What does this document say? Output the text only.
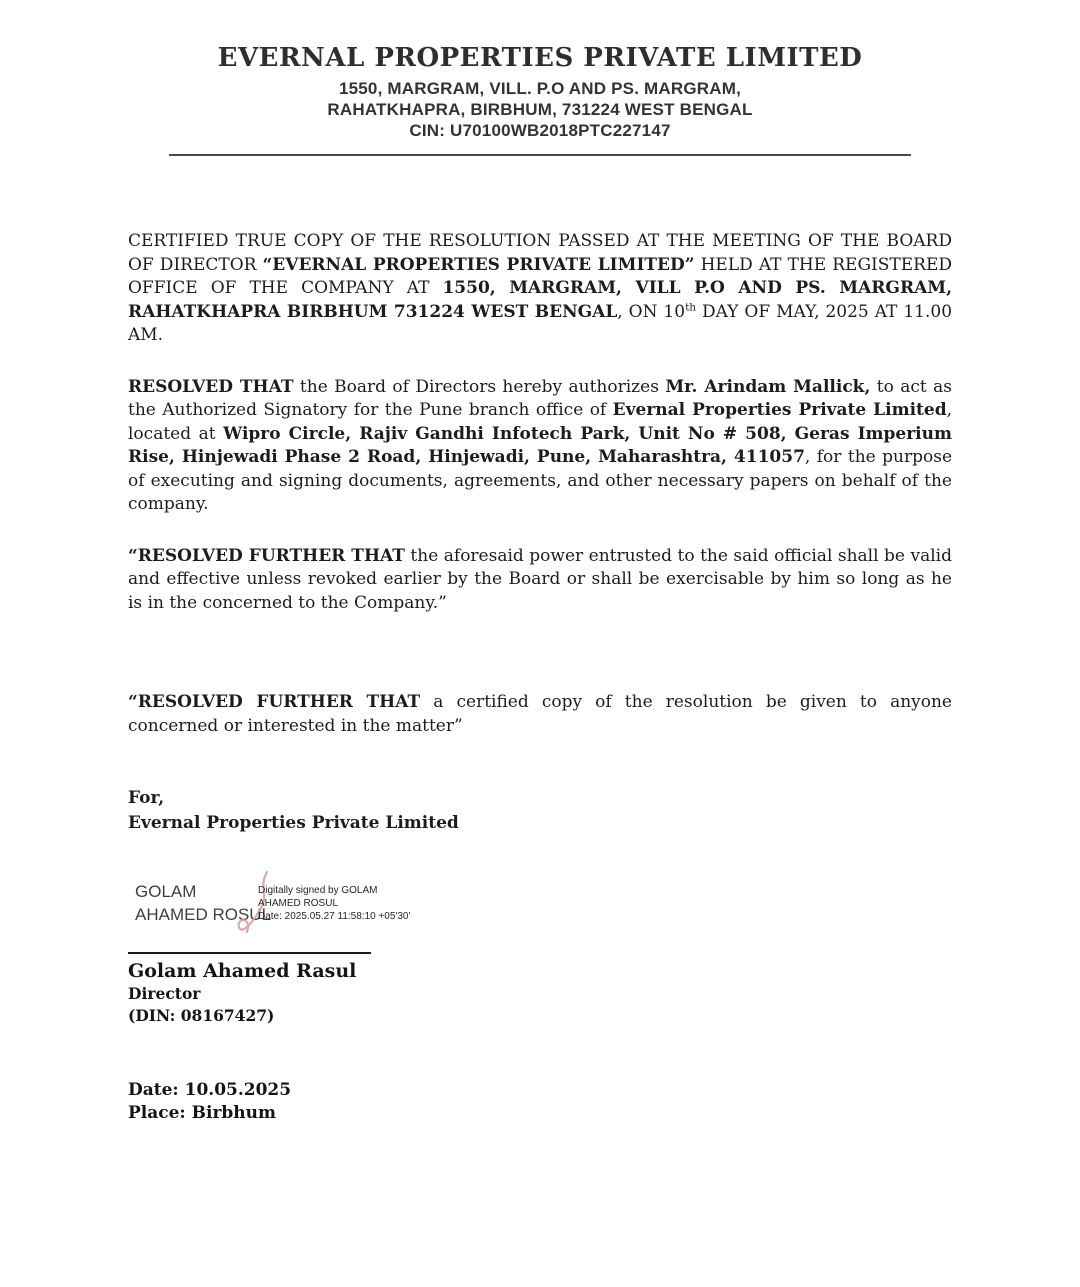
EVERNAL PROPERTIES PRIVATE LIMITED
1550, MARGRAM, VILL. P.O AND PS. MARGRAM,
RAHATKHAPRA, BIRBHUM, 731224 WEST BENGAL
CIN: U70100WB2018PTC227147

CERTIFIED TRUE COPY OF THE RESOLUTION PASSED AT THE MEETING OF THE BOARD OF DIRECTOR “EVERNAL PROPERTIES PRIVATE LIMITED” HELD AT THE REGISTERED OFFICE OF THE COMPANY AT 1550, MARGRAM, VILL P.O AND PS. MARGRAM, RAHATKHAPRA BIRBHUM 731224 WEST BENGAL, ON 10th DAY OF MAY, 2025 AT 11.00 AM.

RESOLVED THAT the Board of Directors hereby authorizes Mr. Arindam Mallick, to act as the Authorized Signatory for the Pune branch office of Evernal Properties Private Limited, located at Wipro Circle, Rajiv Gandhi Infotech Park, Unit No # 508, Geras Imperium Rise, Hinjewadi Phase 2 Road, Hinjewadi, Pune, Maharashtra, 411057, for the purpose of executing and signing documents, agreements, and other necessary papers on behalf of the company.

“RESOLVED FURTHER THAT the aforesaid power entrusted to the said official shall be valid and effective unless revoked earlier by the Board or shall be exercisable by him so long as he is in the concerned to the Company.”

“RESOLVED FURTHER THAT a certified copy of the resolution be given to anyone concerned or interested in the matter”

For,
Evernal Properties Private Limited
GOLAM
AHAMED ROSUL
Digitally signed by GOLAM
AHAMED ROSUL
Date: 2025.05.27 11:58:10 +05'30'
Golam Ahamed Rasul
Director
(DIN: 08167427)
Date: 10.05.2025
Place: Birbhum
